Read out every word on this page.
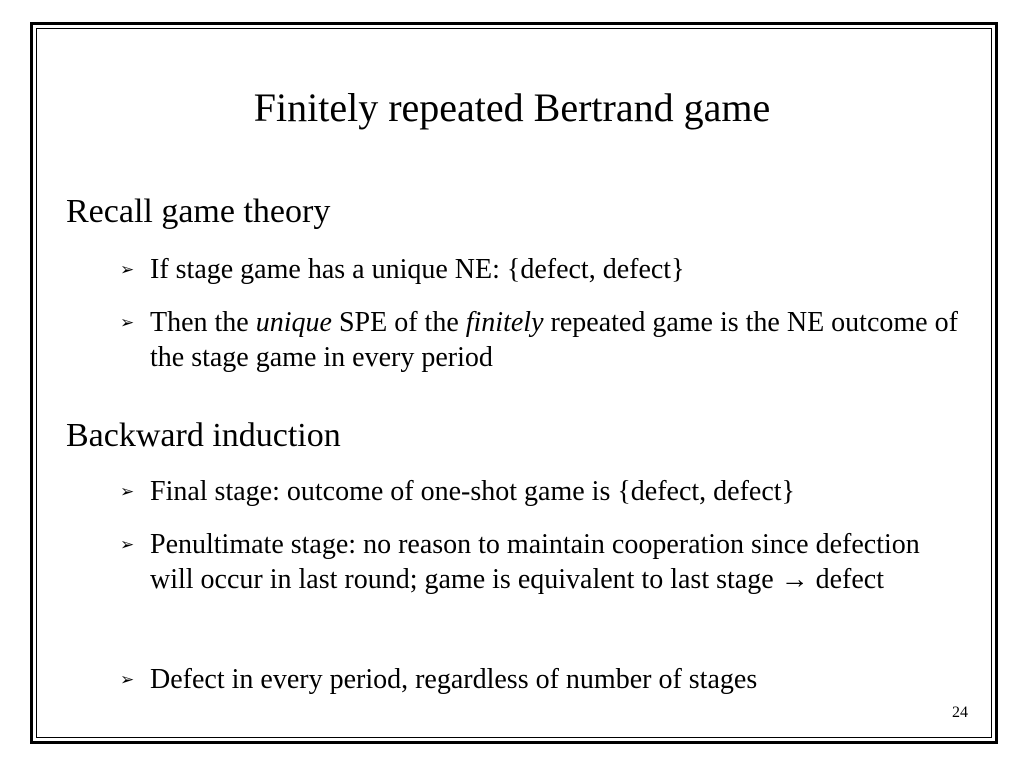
Finitely repeated Bertrand game
Recall game theory
➢ If stage game has a unique NE: {defect, defect}
➢ Then the unique SPE of the finitely repeated game is the NE outcome of the stage game in every period
Backward induction
➢ Final stage: outcome of one-shot game is {defect, defect}
➢ Penultimate stage: no reason to maintain cooperation since defection will occur in last round; game is equivalent to last stage → defect
➢ Defect in every period, regardless of number of stages
24
